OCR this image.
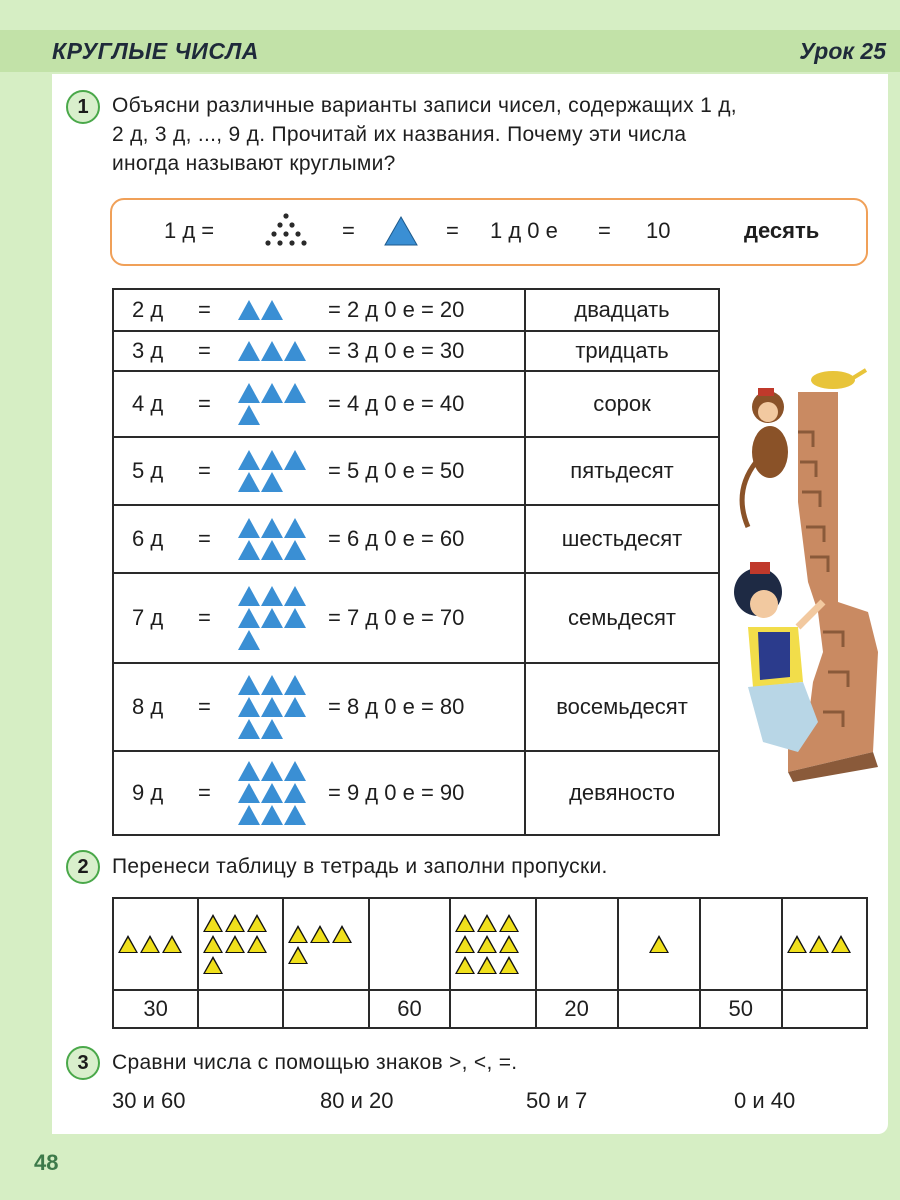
КРУГЛЫЕ ЧИСЛА	Урок 25
1	Объясни различные варианты записи чисел, содержащих 1 д,
2 д, 3 д, ..., 9 д. Прочитай их названия. Почему эти числа
иногда называют круглыми?
1 д =	=	= 1 д 0 е = 10	десять
2 д = = 2 д 0 е = 20	двадцать

3 д = = 3 д 0 е = 30	тридцать

4 д = = 4 д 0 е = 40	сорок

5 д = = 5 д 0 е = 50	пятьдесят

6 д = = 6 д 0 е = 60	шестьдесят

7 д = = 7 д 0 е = 70	семьдесят

8 д = = 8 д 0 е = 80	восемьдесят

9 д = = 9 д 0 е = 90	девяносто
2	Перенеси таблицу в тетрадь и заполни пропуски.

30			60		20		50	
3	Сравни числа с помощью знаков >, <, =.
30 и 60	80 и 20	50 и 7	0 и 40
48
